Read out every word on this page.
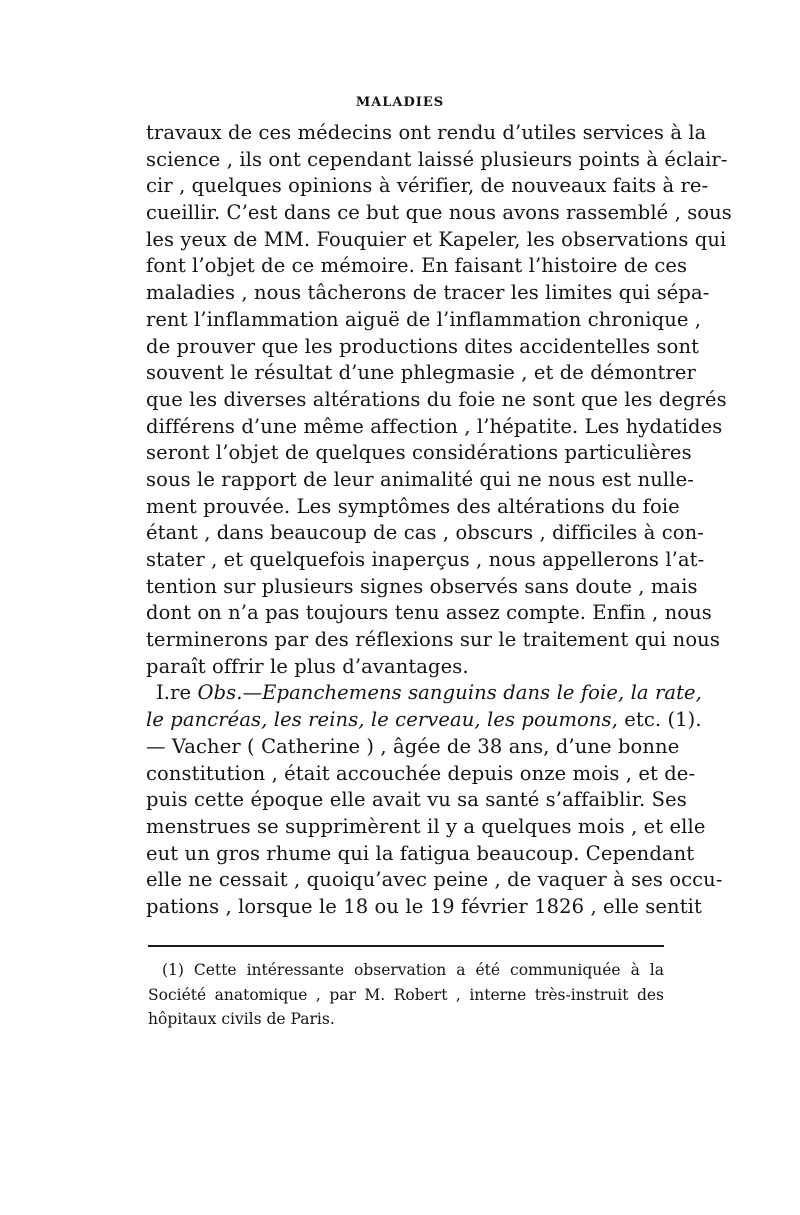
MALADIES
travaux de ces médecins ont rendu d’utiles services à la
science , ils ont cependant laissé plusieurs points à éclair-
cir , quelques opinions à vérifier, de nouveaux faits à re-
cueillir. C’est dans ce but que nous avons rassemblé , sous
les yeux de MM. Fouquier et Kapeler, les observations qui
font l’objet de ce mémoire. En faisant l’histoire de ces
maladies , nous tâcherons de tracer les limites qui sépa-
rent l’inflammation aiguë de l’inflammation chronique ,
de prouver que les productions dites accidentelles sont
souvent le résultat d’une phlegmasie , et de démontrer
que les diverses altérations du foie ne sont que les degrés
différens d’une même affection , l’hépatite. Les hydatides
seront l’objet de quelques considérations particulières
sous le rapport de leur animalité qui ne nous est nulle-
ment prouvée. Les symptômes des altérations du foie
étant , dans beaucoup de cas , obscurs , difficiles à con-
stater , et quelquefois inaperçus , nous appellerons l’at-
tention sur plusieurs signes observés sans doute , mais
dont on n’a pas toujours tenu assez compte. Enfin , nous
terminerons par des réflexions sur le traitement qui nous
paraît offrir le plus d’avantages.
I.re Obs.—Epanchemens sanguins dans le foie, la rate,
le pancréas, les reins, le cerveau, les poumons, etc. (1).
— Vacher ( Catherine ) , âgée de 38 ans, d’une bonne
constitution , était accouchée depuis onze mois , et de-
puis cette époque elle avait vu sa santé s’affaiblir. Ses
menstrues se supprimèrent il y a quelques mois , et elle
eut un gros rhume qui la fatigua beaucoup. Cependant
elle ne cessait , quoiqu’avec peine , de vaquer à ses occu-
pations , lorsque le 18 ou le 19 février 1826 , elle sentit
(1) Cette intéressante observation a été communiquée à la
Société anatomique , par M. Robert , interne très-instruit des
hôpitaux civils de Paris.
